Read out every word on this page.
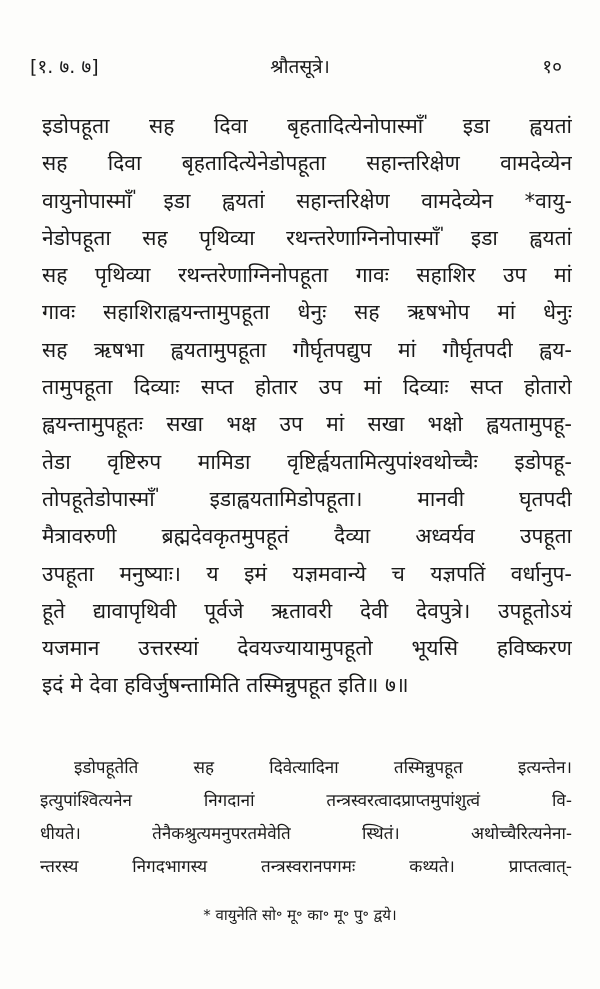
[१. ७. ७]	श्रौतसूत्रे।	१०
इडोपहूता सह दिवा बृहतादित्येनोपास्माँ॑ इडा ह्वयतां
सह दिवा बृहतादित्येनेडोपहूता सहान्तरिक्षेण वामदेव्येन
वायुनोपास्माँ॑ इडा ह्वयतां सहान्तरिक्षेण वामदेव्येन *वायु-
नेडोपहूता सह पृथिव्या रथन्तरेणाग्निनोपास्माँ॑ इडा ह्वयतां
सह पृथिव्या रथन्तरेणाग्निनोपहूता गावः सहाशिर उप मां
गावः सहाशिराह्वयन्तामुपहूता धेनुः सह ऋषभोप मां धेनुः
सह ऋषभा ह्वयतामुपहूता गौर्घृतपद्युप मां गौर्घृतपदी ह्वय-
तामुपहूता दिव्याः सप्त होतार उप मां दिव्याः सप्त होतारो
ह्वयन्तामुपहूतः सखा भक्ष उप मां सखा भक्षो ह्वयतामुपहू-
तेडा वृष्टिरुप मामिडा वृष्टिर्ह्वयतामित्युपांश्वथोच्चैः इडोपहू-
तोपहूतेडोपास्माँ॑ इडाह्वयतामिडोपहूता। मानवी घृतपदी
मैत्रावरुणी ब्रह्मदेवकृतमुपहूतं दैव्या अध्वर्यव उपहूता
उपहूता मनुष्याः। य इमं यज्ञमवान्ये च यज्ञपतिं वर्धानुप-
हूते द्यावापृथिवी पूर्वजे ऋतावरी देवी देवपुत्रे। उपहूतोऽयं
यजमान उत्तरस्यां देवयज्यायामुपहूतो भूयसि हविष्करण
इदं मे देवा हविर्जुषन्तामिति तस्मिन्नुपहूत इति॥ ७॥
इडोपहूतेति सह दिवेत्यादिना तस्मिन्नुपहूत इत्यन्तेन।
इत्युपांश्वित्यनेन निगदानां तन्त्रस्वरत्वादप्राप्तमुपांशुत्वं वि-
धीयते। तेनैकश्रुत्यमनुपरतमेवेति स्थितं। अथोच्चैरित्यनेना-
न्तरस्य निगदभागस्य तन्त्रस्वरानपगमः कथ्यते। प्राप्तत्वात्-
* वायुनेति सो॰ मू॰ का॰ मू॰ पु॰ द्वये।
